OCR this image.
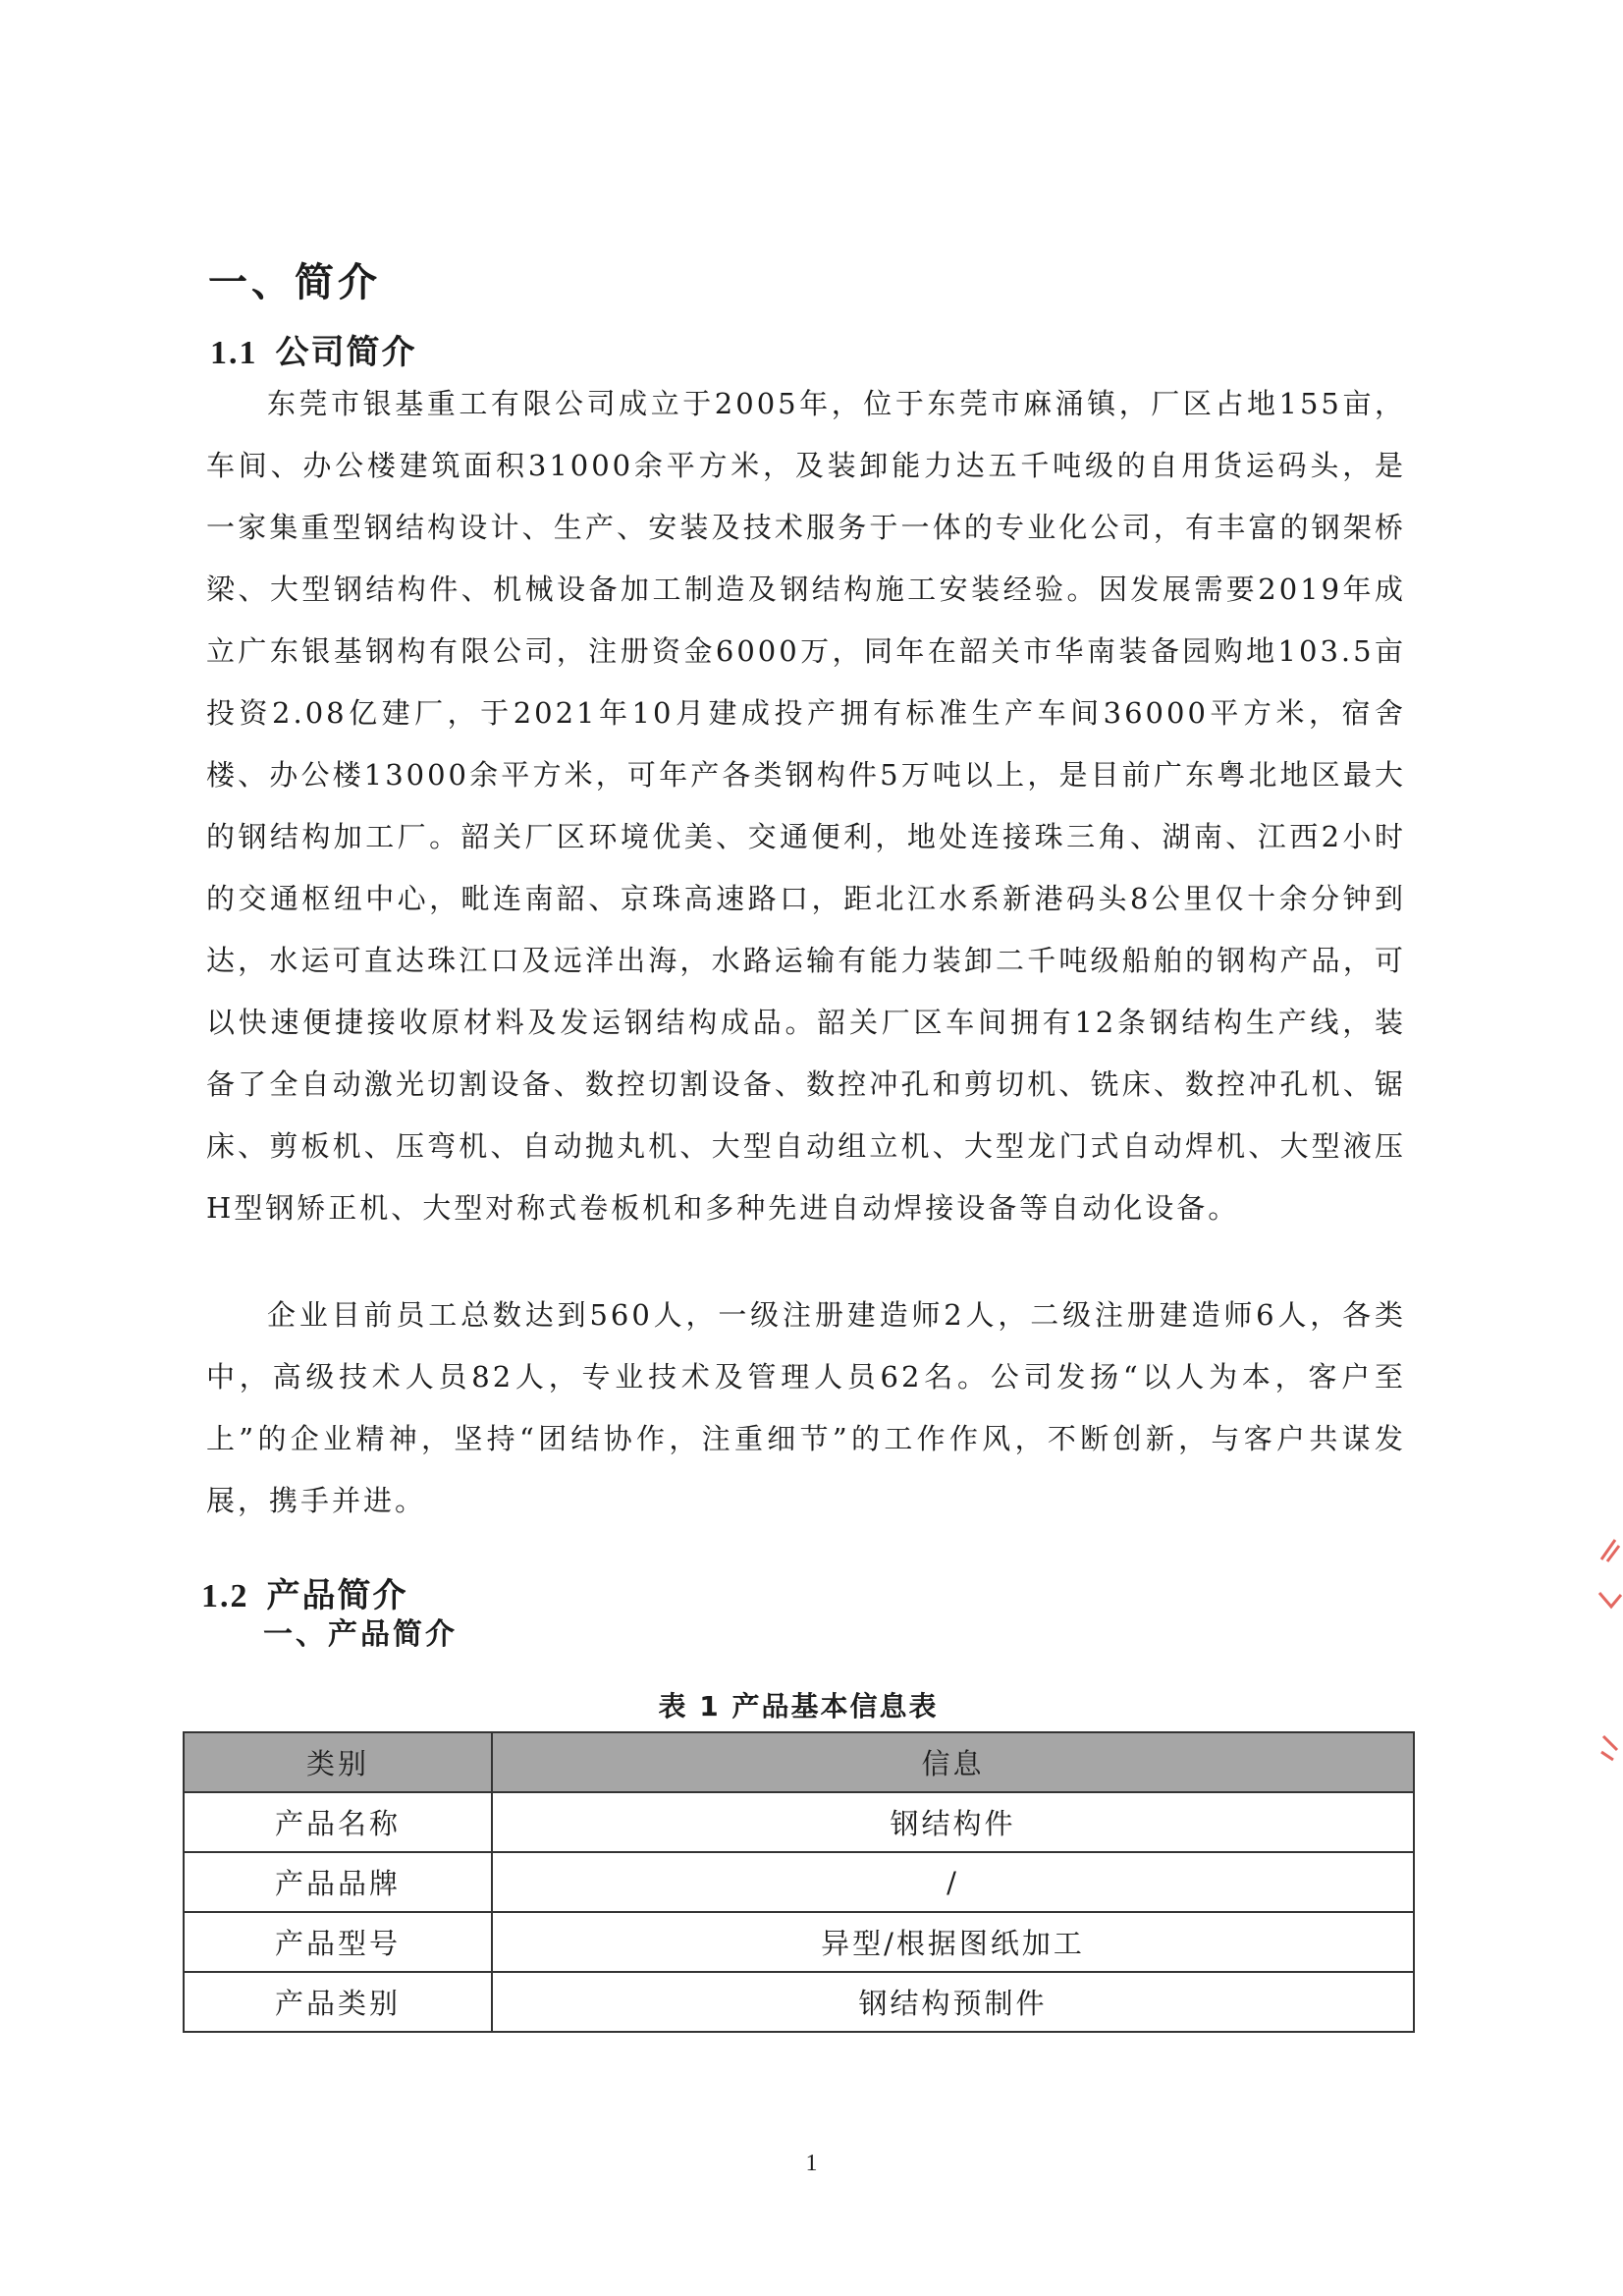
一、简介
1.1 公司简介

东莞市银基重工有限公司成立于2005年，位于东莞市麻涌镇，厂区占地155亩，车间、办公楼建筑面积31000余平方米，及装卸能力达五千吨级的自用货运码头，是一家集重型钢结构设计、生产、安装及技术服务于一体的专业化公司，有丰富的钢架桥梁、大型钢结构件、机械设备加工制造及钢结构施工安装经验。因发展需要2019年成立广东银基钢构有限公司，注册资金6000万，同年在韶关市华南装备园购地103.5亩投资2.08亿建厂，于2021年10月建成投产拥有标准生产车间36000平方米，宿舍楼、办公楼13000余平方米，可年产各类钢构件5万吨以上，是目前广东粤北地区最大的钢结构加工厂。韶关厂区环境优美、交通便利，地处连接珠三角、湖南、江西2小时的交通枢纽中心，毗连南韶、京珠高速路口，距北江水系新港码头8公里仅十余分钟到达，水运可直达珠江口及远洋出海，水路运输有能力装卸二千吨级船舶的钢构产品，可以快速便捷接收原材料及发运钢结构成品。韶关厂区车间拥有12条钢结构生产线，装备了全自动激光切割设备、数控切割设备、数控冲孔和剪切机、铣床、数控冲孔机、锯床、剪板机、压弯机、自动抛丸机、大型自动组立机、大型龙门式自动焊机、大型液压H型钢矫正机、大型对称式卷板机和多种先进自动焊接设备等自动化设备。

企业目前员工总数达到560人，一级注册建造师2人，二级注册建造师6人，各类中，高级技术人员82人，专业技术及管理人员62名。公司发扬“以人为本，客户至上”的企业精神，坚持“团结协作，注重细节”的工作作风，不断创新，与客户共谋发展，携手并进。

1.2 产品简介
一、产品简介
表 1 产品基本信息表
类别	信息
产品名称	钢结构件
产品品牌	/
产品型号	异型/根据图纸加工
产品类别	钢结构预制件
1
